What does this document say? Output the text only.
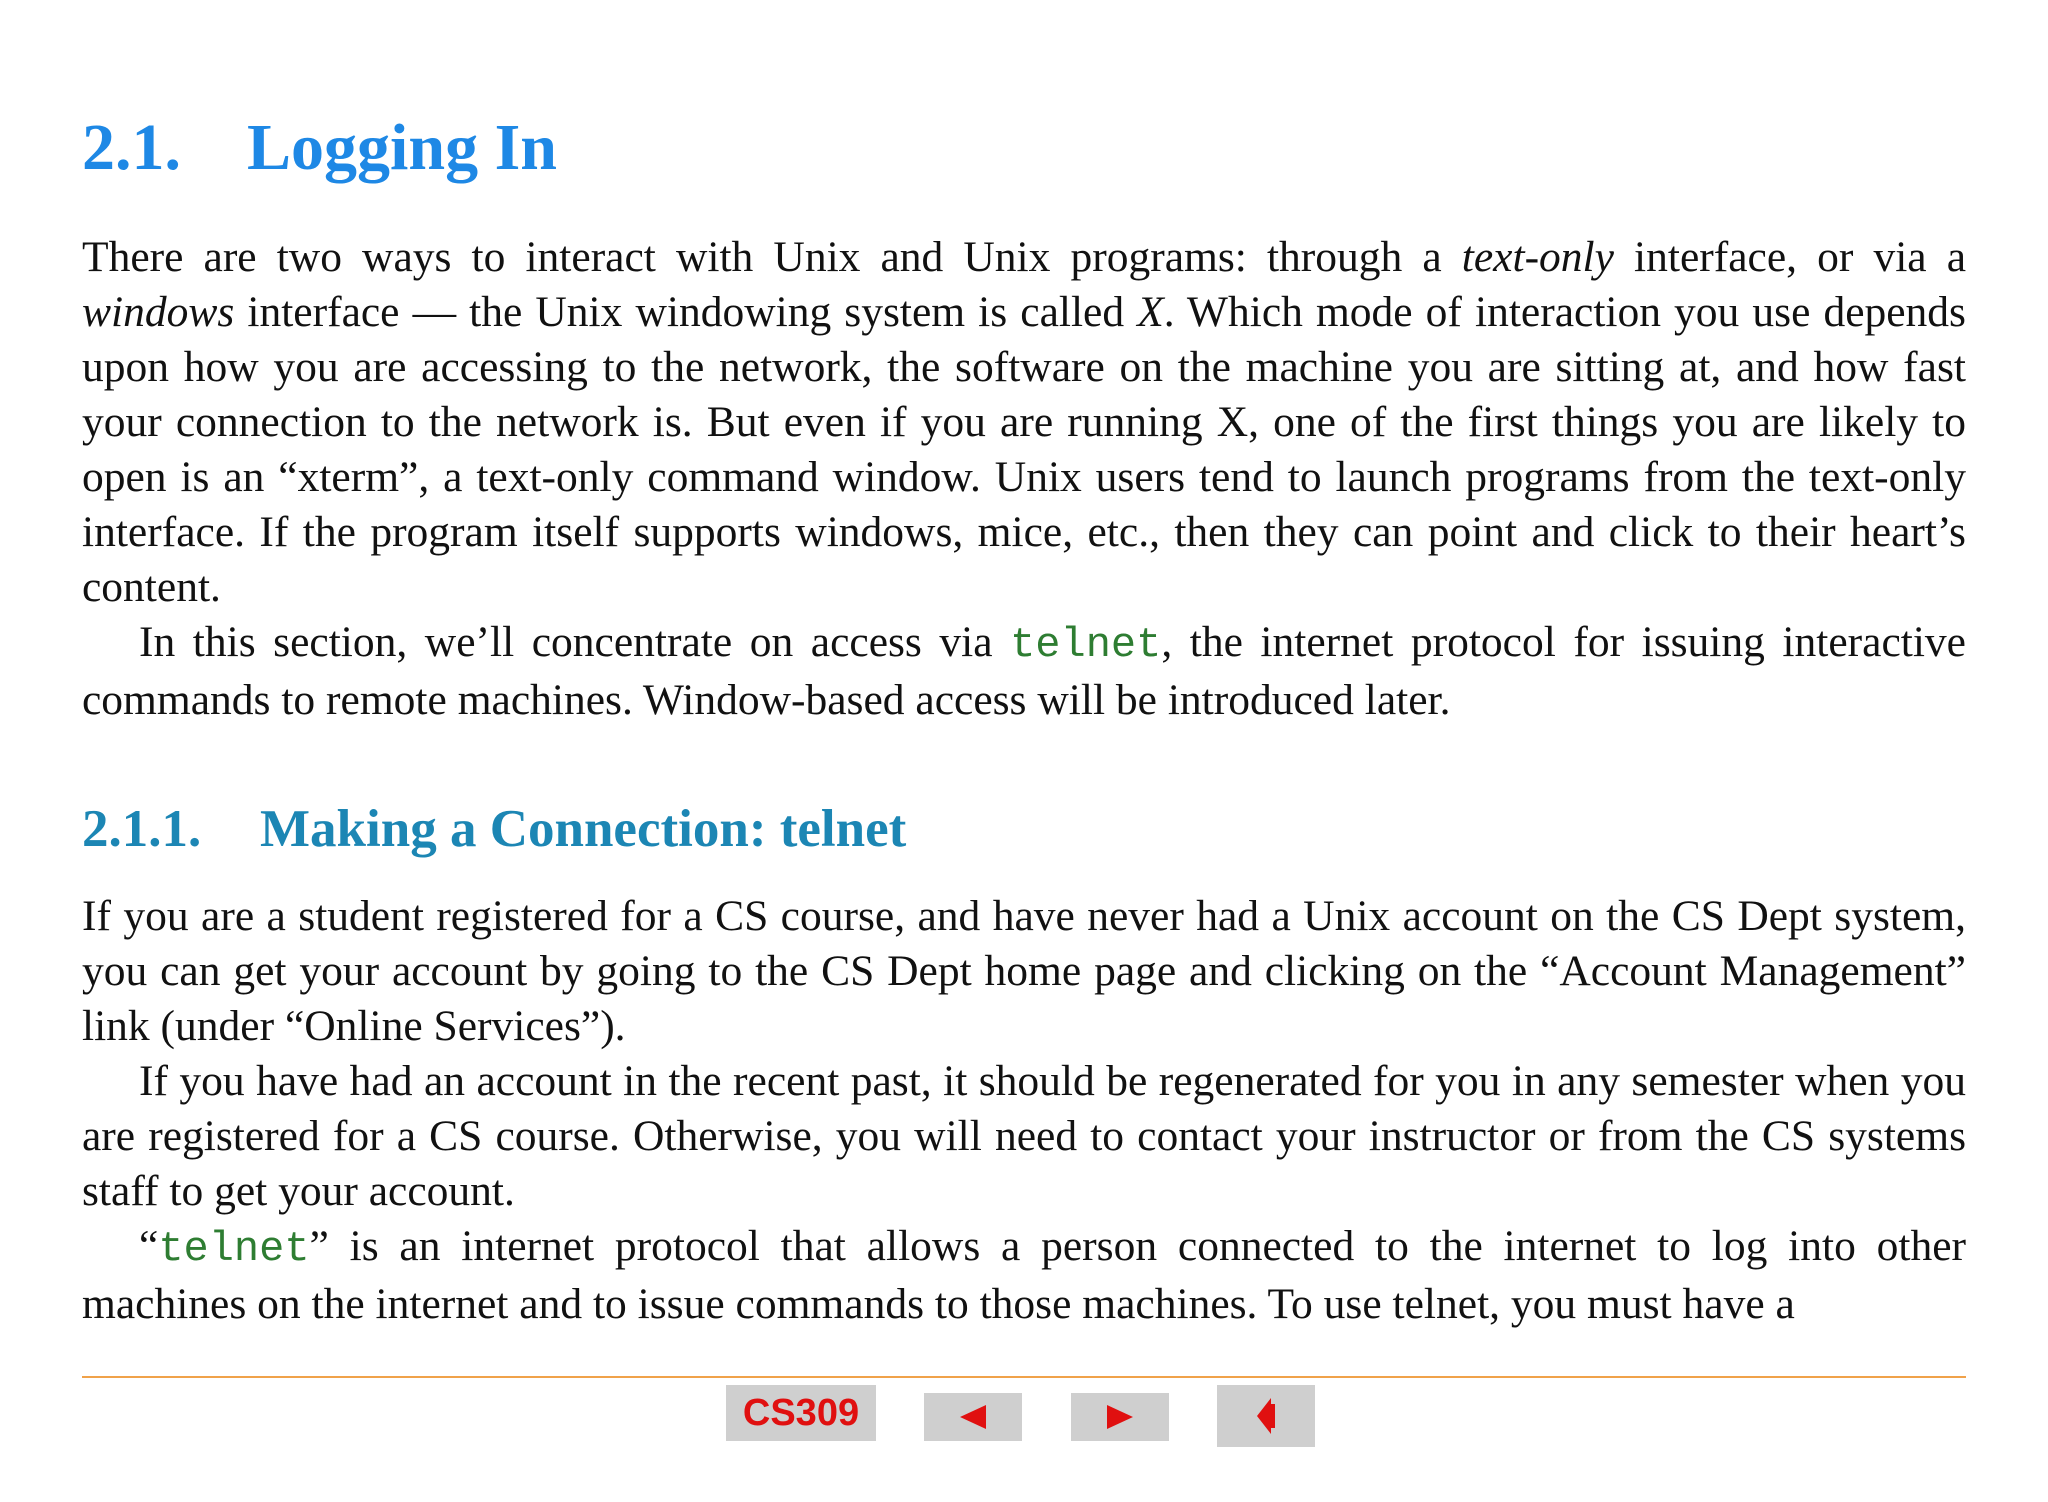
2.1. Logging In

There are two ways to interact with Unix and Unix programs: through a text-only interface, or via a windows interface — the Unix windowing system is called X. Which mode of interaction you use depends upon how you are accessing to the network, the software on the machine you are sitting at, and how fast your connection to the network is. But even if you are running X, one of the first things you are likely to open is an “xterm”, a text-only command window. Unix users tend to launch programs from the text-only interface. If the program itself supports windows, mice, etc., then they can point and click to their heart’s content.

In this section, we’ll concentrate on access via telnet, the internet protocol for issuing interactive commands to remote machines. Window-based access will be introduced later.

2.1.1. Making a Connection: telnet

If you are a student registered for a CS course, and have never had a Unix account on the CS Dept system, you can get your account by going to the CS Dept home page and clicking on the “Account Management” link (under “Online Services”).

If you have had an account in the recent past, it should be regenerated for you in any semester when you are registered for a CS course. Otherwise, you will need to contact your instructor or from the CS systems staff to get your account.

“telnet” is an internet protocol that allows a person connected to the internet to log into other machines on the internet and to issue commands to those machines. To use telnet, you must have a

CS309
